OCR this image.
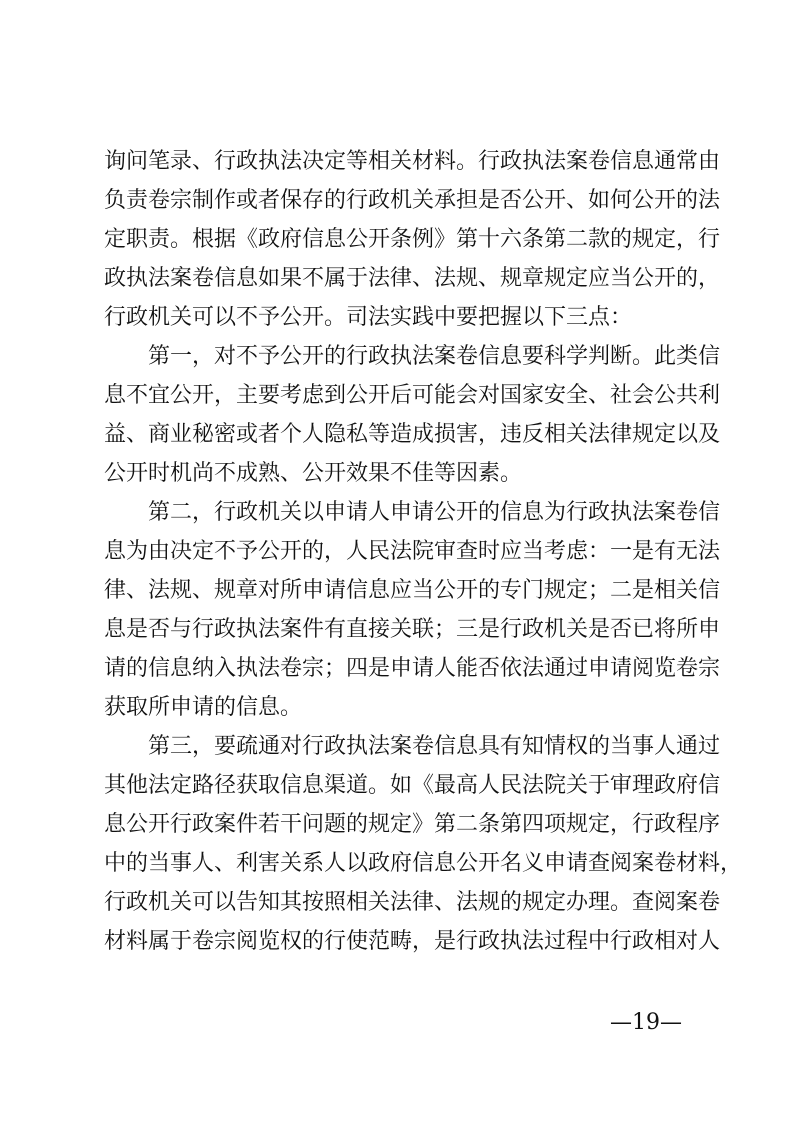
询问笔录、行政执法决定等相关材料。行政执法案卷信息通常由
负责卷宗制作或者保存的行政机关承担是否公开、如何公开的法
定职责。根据《政府信息公开条例》第十六条第二款的规定，行
政执法案卷信息如果不属于法律、法规、规章规定应当公开的，
行政机关可以不予公开。司法实践中要把握以下三点：
第一，对不予公开的行政执法案卷信息要科学判断。此类信
息不宜公开，主要考虑到公开后可能会对国家安全、社会公共利
益、商业秘密或者个人隐私等造成损害，违反相关法律规定以及
公开时机尚不成熟、公开效果不佳等因素。
第二，行政机关以申请人申请公开的信息为行政执法案卷信
息为由决定不予公开的，人民法院审查时应当考虑：一是有无法
律、法规、规章对所申请信息应当公开的专门规定；二是相关信
息是否与行政执法案件有直接关联；三是行政机关是否已将所申
请的信息纳入执法卷宗；四是申请人能否依法通过申请阅览卷宗
获取所申请的信息。
第三，要疏通对行政执法案卷信息具有知情权的当事人通过
其他法定路径获取信息渠道。如《最高人民法院关于审理政府信
息公开行政案件若干问题的规定》第二条第四项规定，行政程序
中的当事人、利害关系人以政府信息公开名义申请查阅案卷材料，
行政机关可以告知其按照相关法律、法规的规定办理。查阅案卷
材料属于卷宗阅览权的行使范畴，是行政执法过程中行政相对人
—19—
